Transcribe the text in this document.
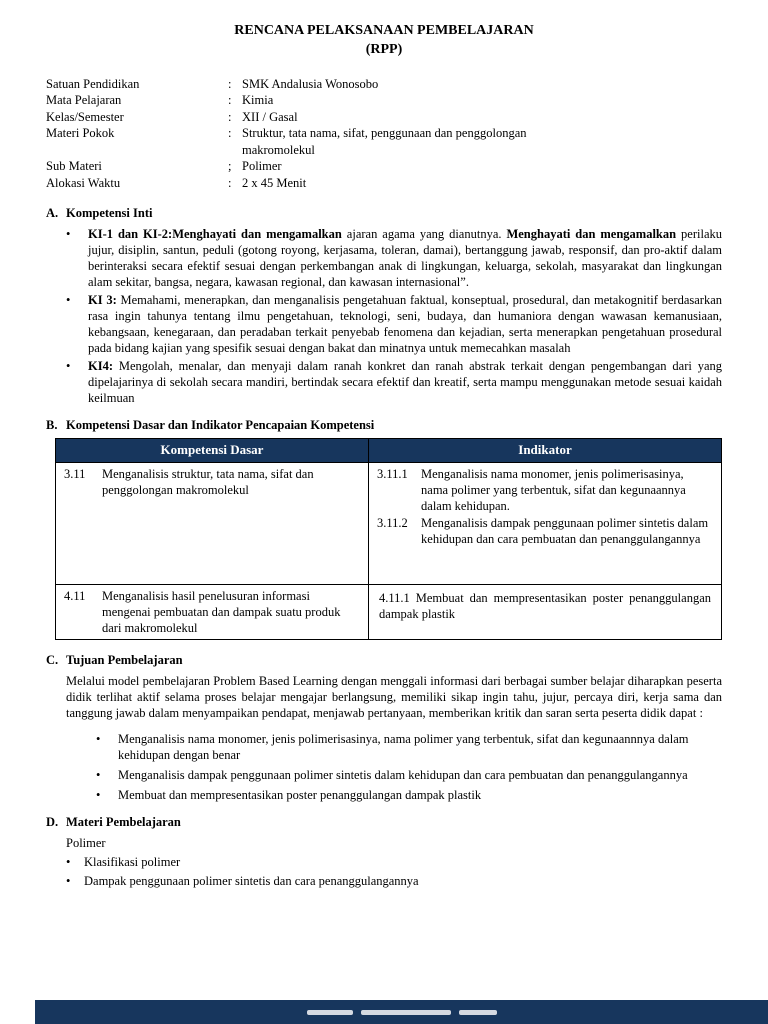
RENCANA PELAKSANAAN PEMBELAJARAN
(RPP)
Satuan Pendidikan	: SMK Andalusia Wonosobo
Mata Pelajaran	: Kimia
Kelas/Semester	: XII / Gasal
Materi Pokok	: Struktur, tata nama, sifat, penggunaan dan penggolongan makromolekul
Sub Materi	; Polimer
Alokasi Waktu	: 2 x 45 Menit
A. Kompetensi Inti
•
KI-1 dan KI-2:Menghayati dan mengamalkan ajaran agama yang dianutnya. Menghayati dan mengamalkan perilaku jujur, disiplin, santun, peduli (gotong royong, kerjasama, toleran, damai), bertanggung jawab, responsif, dan pro-aktif dalam berinteraksi secara efektif sesuai dengan perkembangan anak di lingkungan, keluarga, sekolah, masyarakat dan lingkungan alam sekitar, bangsa, negara, kawasan regional, dan kawasan internasional”.
•
KI 3: Memahami, menerapkan, dan menganalisis pengetahuan faktual, konseptual, prosedural, dan metakognitif berdasarkan rasa ingin tahunya tentang ilmu pengetahuan, teknologi, seni, budaya, dan humaniora dengan wawasan kemanusiaan, kebangsaan, kenegaraan, dan peradaban terkait penyebab fenomena dan kejadian, serta menerapkan pengetahuan prosedural pada bidang kajian yang spesifik sesuai dengan bakat dan minatnya untuk memecahkan masalah
•
KI4: Mengolah, menalar, dan menyaji dalam ranah konkret dan ranah abstrak terkait dengan pengembangan dari yang dipelajarinya di sekolah secara mandiri, bertindak secara efektif dan kreatif, serta mampu menggunakan metode sesuai kaidah keilmuan
B. Kompetensi Dasar dan Indikator Pencapaian Kompetensi
Kompetensi Dasar	Indikator

3.11	Menganalisis struktur, tata nama, sifat dan penggolongan makromolekul

3.11.1	Menganalisis nama monomer, jenis polimerisasinya, nama polimer yang terbentuk, sifat dan kegunaannya dalam kehidupan.
3.11.2	Menganalisis dampak penggunaan polimer sintetis dalam kehidupan dan cara pembuatan dan penanggulangannya

4.11 Menganalisis hasil penelusuran informasi mengenai pembuatan dan dampak suatu produk dari makromolekul	4.11.1 Membuat dan mempresentasikan poster penanggulangan dampak plastik
C. Tujuan Pembelajaran
Melalui model pembelajaran Problem Based Learning dengan menggali informasi dari berbagai sumber belajar diharapkan peserta didik terlihat aktif selama proses belajar mengajar berlangsung, memiliki sikap ingin tahu, jujur, percaya diri, kerja sama dan tanggung jawab dalam menyampaikan pendapat, menjawab pertanyaan, memberikan kritik dan saran serta peserta didik dapat :
•
Menganalisis nama monomer, jenis polimerisasinya, nama polimer yang terbentuk, sifat dan kegunaannnya dalam kehidupan dengan benar
•
Menganalisis dampak penggunaan polimer sintetis dalam kehidupan dan cara pembuatan dan penanggulangannya
•
Membuat dan mempresentasikan poster penanggulangan dampak plastik
D. Materi Pembelajaran
Polimer
•
Klasifikasi polimer
•
Dampak penggunaan polimer sintetis dan cara penanggulangannya
